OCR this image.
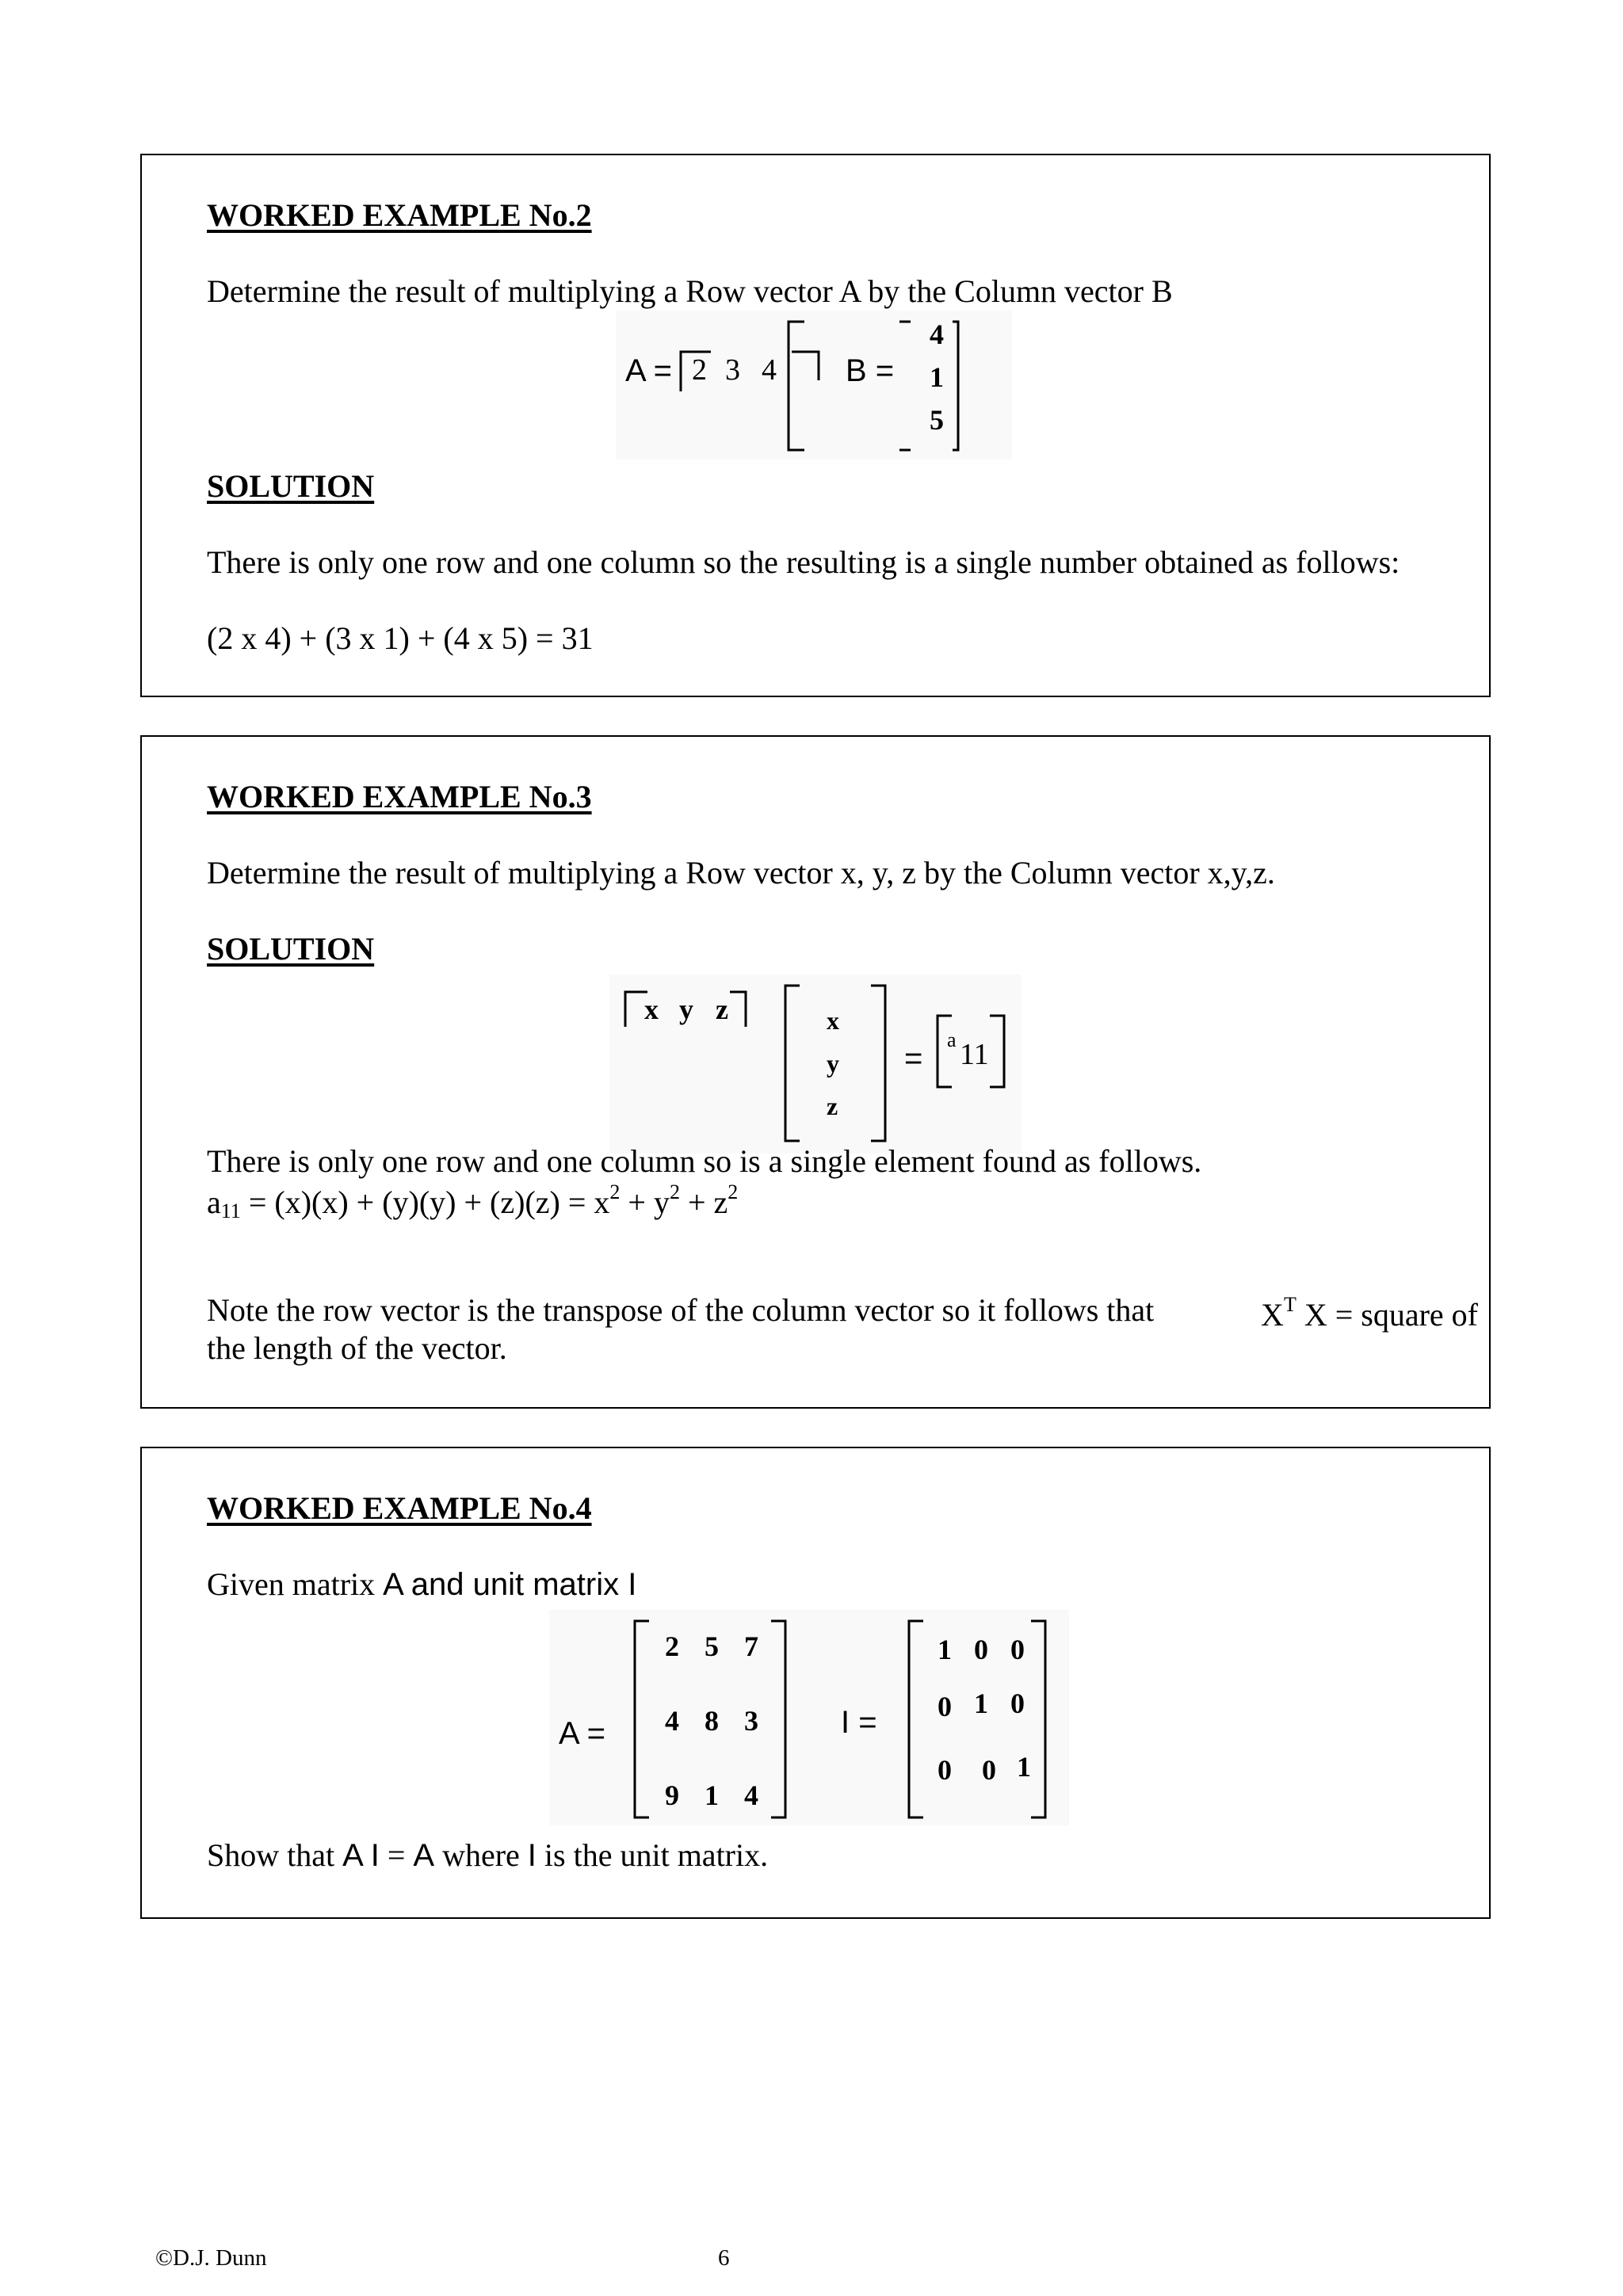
WORKED EXAMPLE No.2
Determine the result of multiplying a Row vector A by the Column vector B
A = 2 3 4 B =
4
1
5
SOLUTION
There is only one row and one column so the resulting is a single number obtained as follows:
(2 x 4) + (3 x 1) + (4 x 5) = 31
WORKED EXAMPLE No.3
Determine the result of multiplying a Row vector x, y, z by the Column vector x,y,z.
SOLUTION
x y z	x
y
z
=
a 11
There is only one row and one column so is a single element found as follows.
$a_{11} = (x)(x) + (y)(y) + (z)(z) = x^2 + y^2 + z^2$
Note the row vector is the transpose of the column vector so it follows that	$X^T$ X = square of
the length of the vector.
WORKED EXAMPLE No.4
Given matrix A and unit matrix I
A =
2 5 7
4 8 3
9 1 4
I =
1 0 0
0 1 0
0 0 1
Show that A I = A where I is the unit matrix.
©D.J. Dunn	6
